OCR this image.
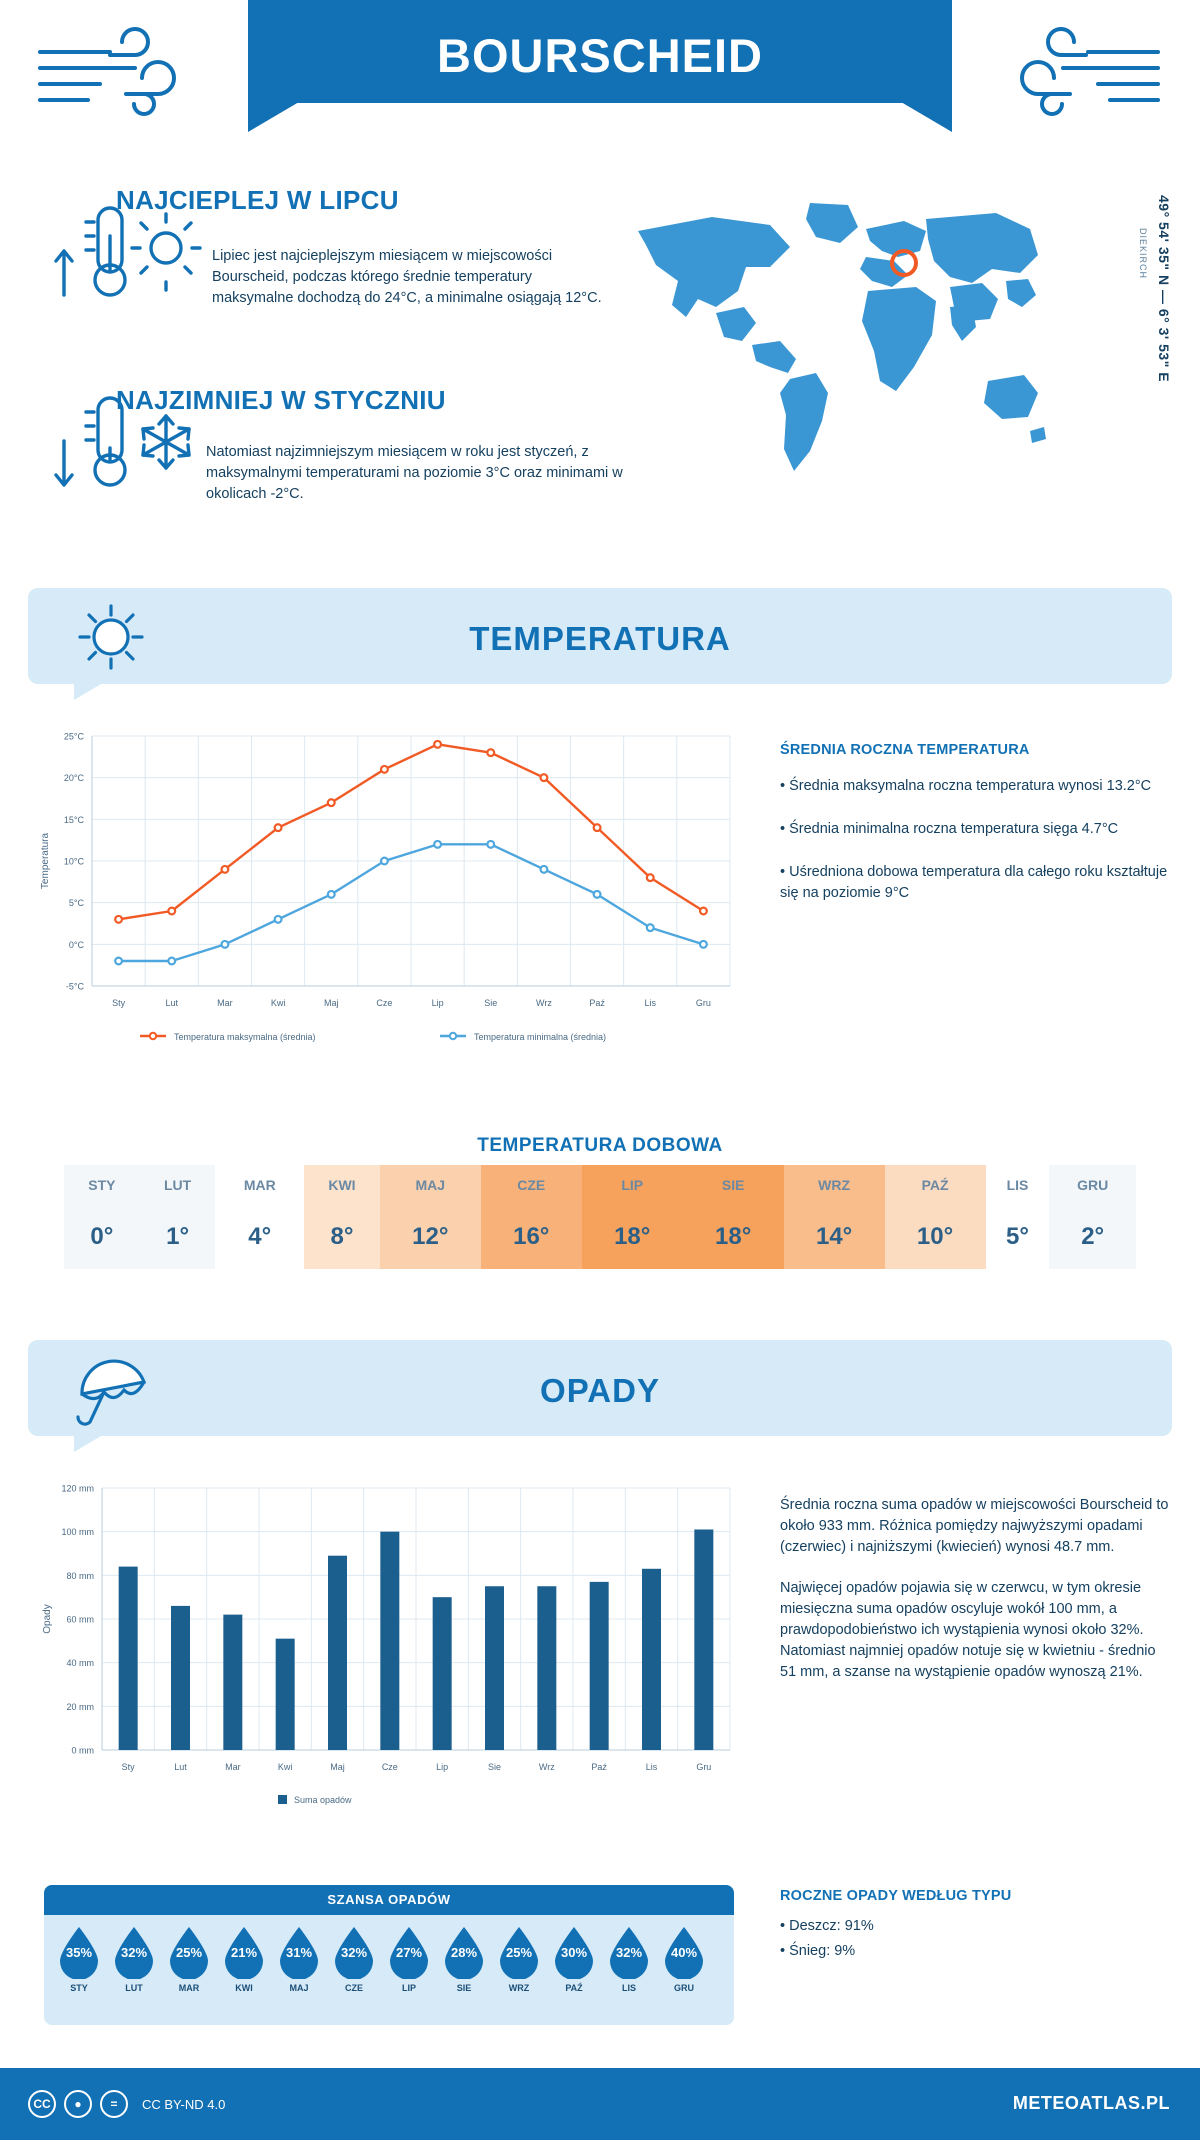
BOURSCHEID
LUKSEMBURG
NAJCIEPLEJ W LIPCU
Lipiec jest najcieplejszym miesiącem w miejscowości Bourscheid, podczas którego średnie temperatury maksymalne dochodzą do 24°C, a minimalne osiągają 12°C.
NAJZIMNIEJ W STYCZNIU
Natomiast najzimniejszym miesiącem w roku jest styczeń, z maksymalnymi temperaturami na poziomie 3°C oraz minimami w okolicach -2°C.
49° 54' 35" N — 6° 3' 53" E
DIEKIRCH
TEMPERATURA
-5°C
0°C
5°C
10°C
15°C
20°C
25°C
Sty	Lut	Mar	Kwi	Maj	Cze	Lip	Sie	Wrz	Paź	Lis	Gru
Temperatura
Temperatura maksymalna (średnia)	Temperatura minimalna (średnia)
ŚREDNIA ROCZNA TEMPERATURA
• Średnia maksymalna roczna temperatura wynosi 13.2°C
• Średnia minimalna roczna temperatura sięga 4.7°C
• Uśredniona dobowa temperatura dla całego roku kształtuje się na poziomie 9°C
TEMPERATURA DOBOWA
STY	LUT	MAR	KWI	MAJ	CZE	LIP	SIE	WRZ	PAŹ	LIS	GRU
0°	1°	4°	8°	12°	16°	18°	18°	14°	10°	5°	2°
OPADY
0 mm
20 mm
40 mm
60 mm
80 mm
100 mm
120 mm
Sty	Lut	Mar	Kwi	Maj	Cze	Lip	Sie	Wrz	Paź	Lis	Gru
Opady
Suma opadów
Średnia roczna suma opadów w miejscowości Bourscheid to około 933 mm. Różnica pomiędzy najwyższymi opadami (czerwiec) i najniższymi (kwiecień) wynosi 48.7 mm.
Najwięcej opadów pojawia się w czerwcu, w tym okresie miesięczna suma opadów oscyluje wokół 100 mm, a prawdopodobieństwo ich wystąpienia wynosi około 32%. Natomiast najmniej opadów notuje się w kwietniu - średnio 51 mm, a szanse na wystąpienie opadów wynoszą 21%.
ROCZNE OPADY WEDŁUG TYPU
• Deszcz: 91%
• Śnieg: 9%
SZANSA OPADÓW
35%
STY
32%
LUT
25%
MAR
21%
KWI
31%
MAJ
32%
CZE
27%
LIP
28%
SIE
25%
WRZ
30%
PAŹ
32%
LIS
40%
GRU
CC	●	=	CC BY-ND 4.0	METEOATLAS.PL
